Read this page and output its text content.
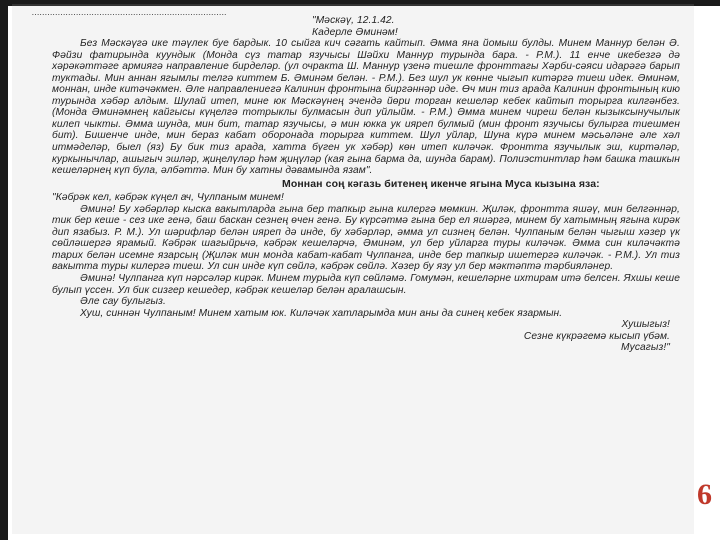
...........................................................................
"Мәскәү, 12.1.42.
Кадерле Әминәм!

Без Мәскәүгә ике тәүлек буе бардык. 10 сыйга кич сәгать кайтып. Әмма яна йомыш булды. Минем Маннур белән Ә. Фәйзи фатирында куундык (Монда сүз татар язучысы Шәйхи Маннур турында бара. - Р.М.). 11 енче икебезгә дә хәрәкәттәге армиягә направление бирделәр. (ул очракта Ш. Маннур үзенә тиешле фронттагы Хәрби-сәяси идарәгә барып туктады. Мин аннан ягымлы телгә киттем Б. Әминәм белән. - Р.М.). Без шул ук көнне чыгып китәргә тиеш идек. Әминәм, моннан, инде китәчәкмен. Әле направлениегә Калинин фронтына биргәннәр иде. Өч мин тиз арада Калинин фронтының кию турында хәбәр алдым. Шулай итеп, мине юк Мәскәүнең эчендә йөри торган кешеләр кебек кайтып торырга килгәнбез. (Монда Әминәмнең кайгысы күңелгә тотрыклы булмасын дип уйлыйм. - Р.М.) Әмма минем чиреш белән кызыксынучылык килеп чыкты. Әмма шунда, мин бит, татар язучысы, ә мин юкка ук ияреп булмый (мин фронт язучысы булырга тиешмен бит). Бишенче инде, мин бераз кабат оборонада торырга киттем. Шул уйлар, Шуна күрә минем мәсьәләне әле хәл итмәделәр, быел (яз) Бу бик тиз арада, хатта бүген ук хәбәр) көн итеп киләчәк. Фронтта язучылык эш, киртәләр, куркынычлар, ашыгыч эшләр, җиңелүләр һәм җиңүләр (кая гына барма да, шунда барам). Полиэстинтлар һәм башка ташкын кешеләрнең күп була, әлбәттә. Мин бу хатны дәвамында язам".

Моннан соң кәгазь битенең икенче ягына Муса кызына яза:

"Кәбрәк кел, кәбрәк күңел ач, Чулпаным минем!

Әминә! Бу хәбәрләр кыска вакытларда гына бер тапкыр гына килергә мөмкин. Җиләк, фронтта яшәү, мин белгәннәр, тик бер кеше - сез ике генә, баш баскан сезнең өчен генә. Бу күрсәтмә гына бер ел яшәргә, минем бу хатымның ягына кирәк дип язабыз. Р. М.). Ул шәрифләр белән ияреп дә инде, бу хәбәрләр, әмма ул сизнең белән. Чулпаным белән чыгыш хәзер үк сөйләшергә ярамый. Кәбрәк шагыйрьчә, кәбрәк кешеләрчә, Әминәм, ул бер уйларга туры киләчәк. Әмма син киләчәктә тарих белән исемне язарсың (Җиләк мин монда кабат-кабат Чулпанга, инде бер тапкыр ишетергә киләчәк. - Р.М.). Ул тиз вакытта туры килергә тиеш. Ул син инде күп сөйлә, кәбрәк сөйлә. Хәзер бу язу ул бер мәктәптә тәрбияләнер.

Әминә! Чулпанга күп нәрсәләр кирәк. Минем турыда күп сөйләмә. Гомумән, кешеләрне ихтирам итә белсен. Яхшы кеше булып үссен. Ул бик сизгер кешедер, кәбрәк кешеләр белән аралашсын.

Әле сау булыгыз.

Хуш, синнән Чулпаным! Минем хатым юк. Киләчәк хатларымда мин аны да синең кебек язармын.

Хушыгыз!
Сезне күкрәгемә кысып үбәм.
Мусагыз!"
6
